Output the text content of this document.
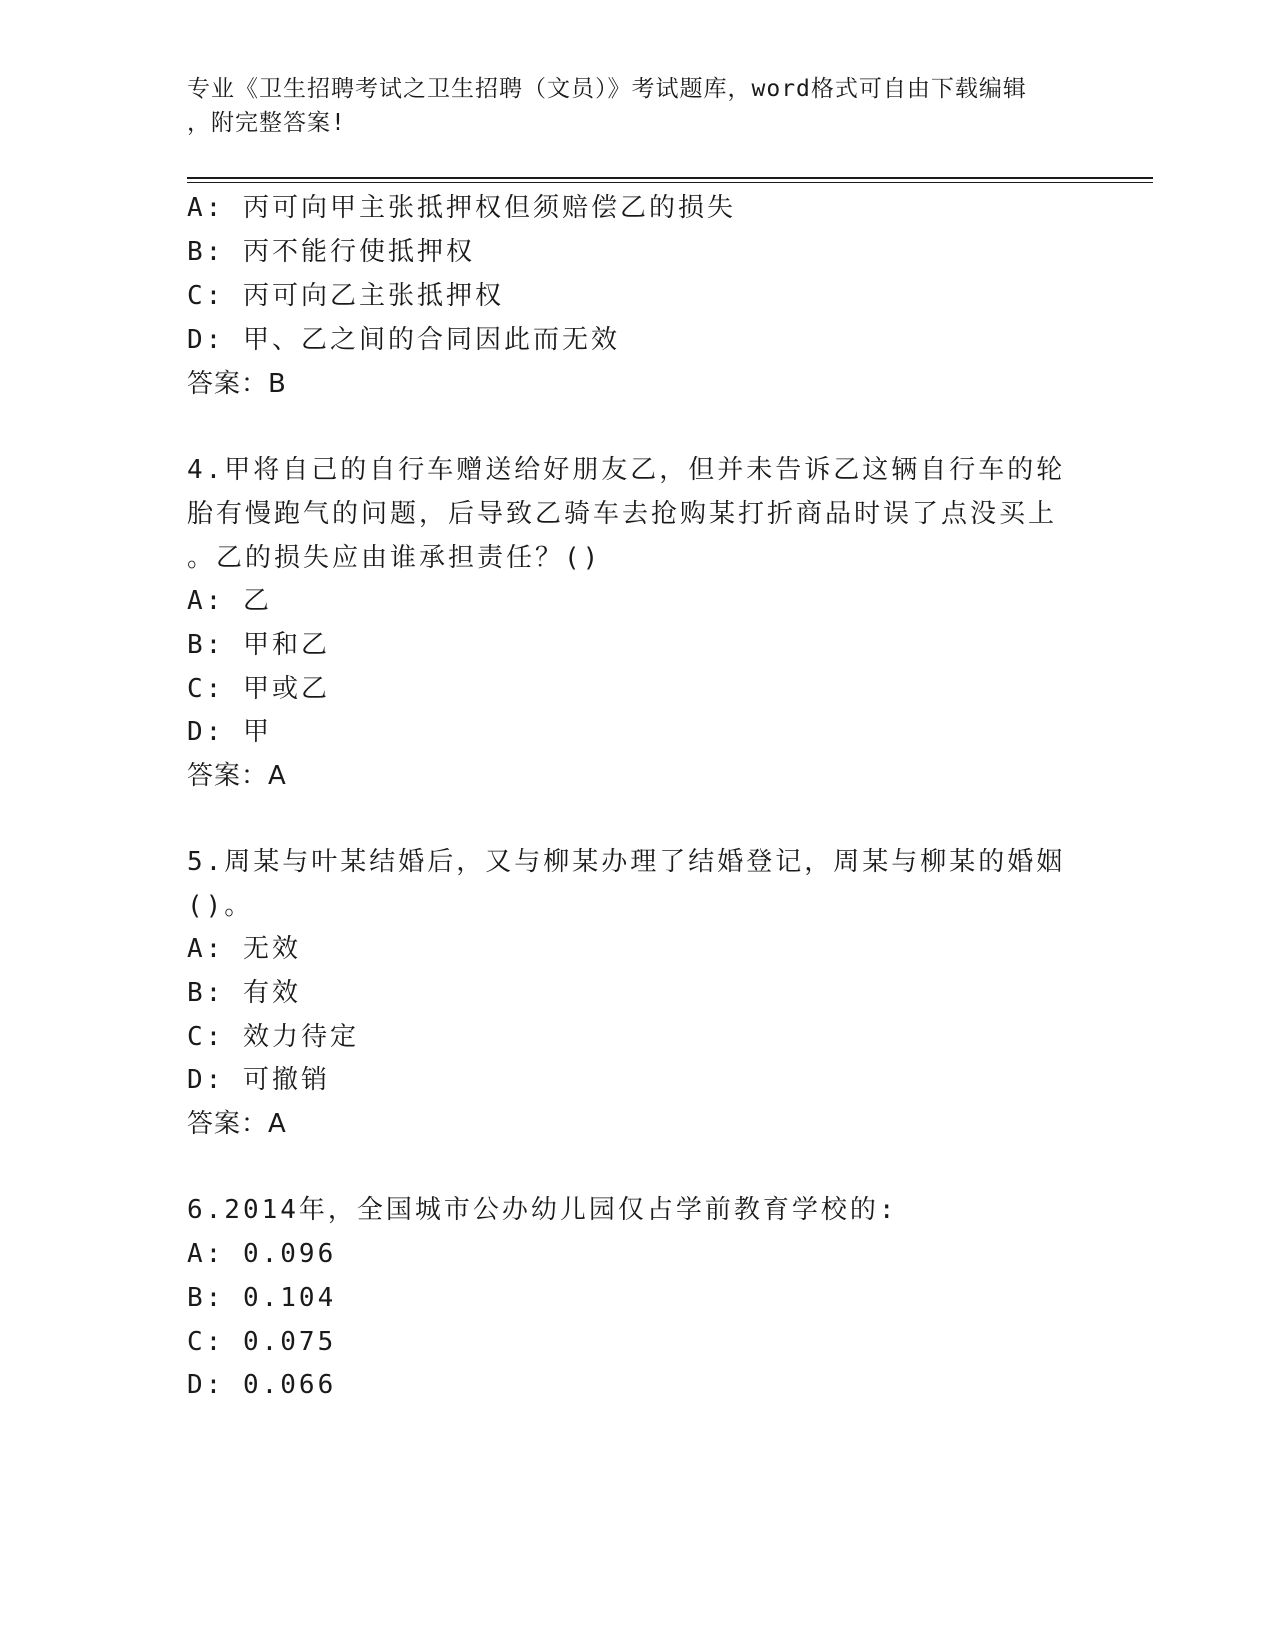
专业《卫生招聘考试之卫生招聘（文员）》考试题库，word格式可自由下载编辑
，附完整答案!
A: 丙可向甲主张抵押权但须赔偿乙的损失
B: 丙不能行使抵押权
C: 丙可向乙主张抵押权
D: 甲、乙之间的合同因此而无效
答案：B
4.甲将自己的自行车赠送给好朋友乙，但并未告诉乙这辆自行车的轮
胎有慢跑气的问题，后导致乙骑车去抢购某打折商品时误了点没买上
。乙的损失应由谁承担责任？()
A: 乙
B: 甲和乙
C: 甲或乙
D: 甲
答案：A
5.周某与叶某结婚后，又与柳某办理了结婚登记，周某与柳某的婚姻
()。
A: 无效
B: 有效
C: 效力待定
D: 可撤销
答案：A
6.2014年，全国城市公办幼儿园仅占学前教育学校的:
A: 0.096
B: 0.104
C: 0.075
D: 0.066
